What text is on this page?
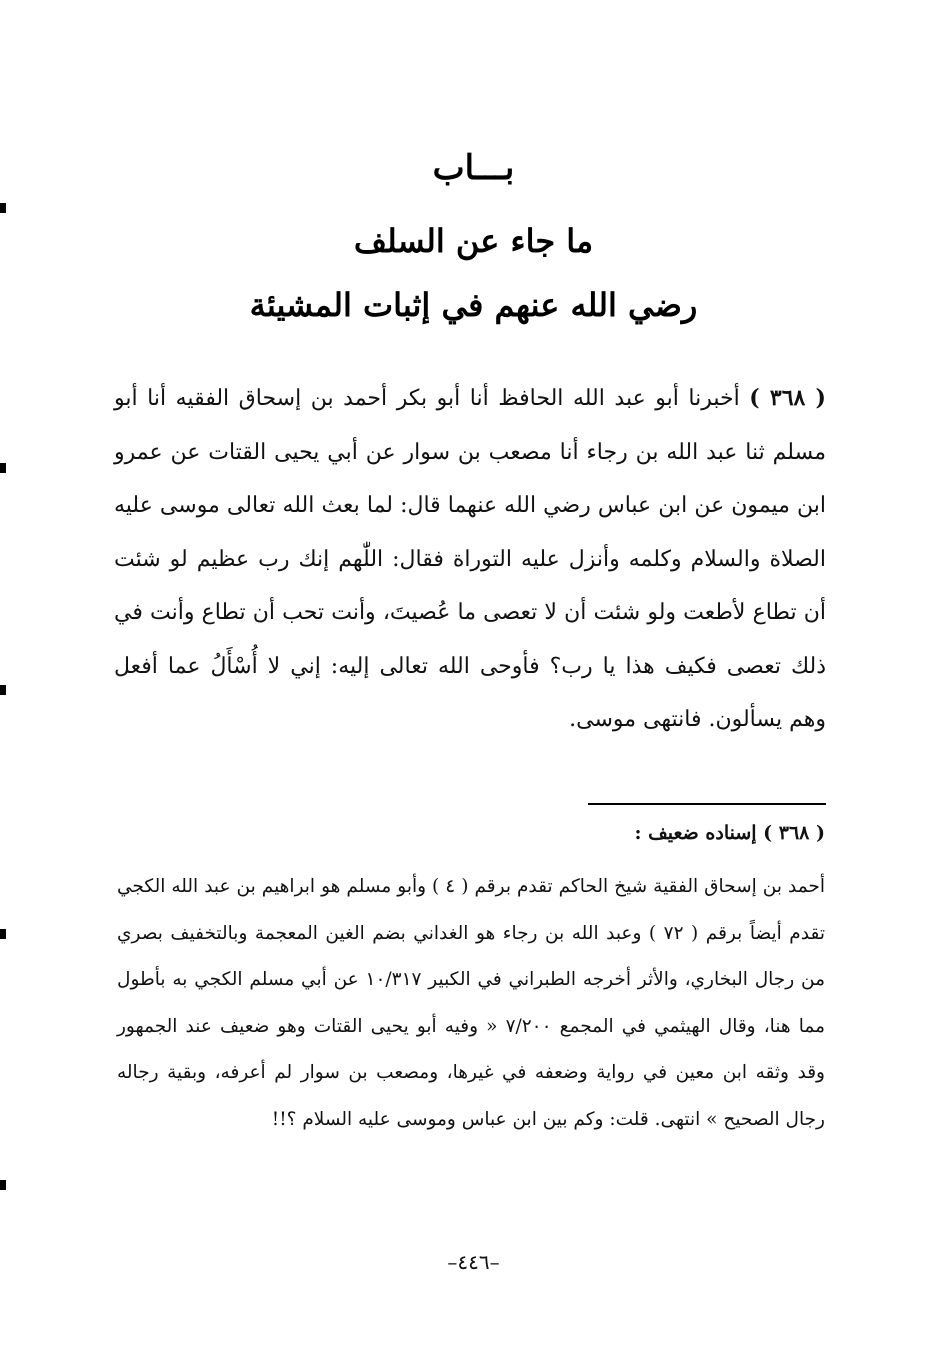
بـــاب
ما جاء عن السلف
رضي الله عنهم في إثبات المشيئة
( ٣٦٨ ) أخبرنا أبو عبد الله الحافظ أنا أبو بكر أحمد بن إسحاق الفقيه أنا أبو مسلم ثنا عبد الله بن رجاء أنا مصعب بن سوار عن أبي يحيى القتات عن عمرو ابن ميمون عن ابن عباس رضي الله عنهما قال: لما بعث الله تعالى موسى عليه الصلاة والسلام وكلمه وأنزل عليه التوراة فقال: اللّٰهم إنك رب عظيم لو شئت أن تطاع لأطعت ولو شئت أن لا تعصى ما عُصيتَ، وأنت تحب أن تطاع وأنت في ذلك تعصى فكيف هذا يا رب؟ فأوحى الله تعالى إليه: إني لا أُسْأَلُ عما أفعل وهم يسألون. فانتهى موسى.
( ٣٦٨ ) إسناده ضعيف :
أحمد بن إسحاق الفقية شيخ الحاكم تقدم برقم ( ٤ ) وأبو مسلم هو ابراهيم بن عبد الله الكجي تقدم أيضاً برقم ( ٧٢ ) وعبد الله بن رجاء هو الغداني بضم الغين المعجمة وبالتخفيف بصري من رجال البخاري، والأثر أخرجه الطبراني في الكبير ١٠/٣١٧ عن أبي مسلم الكجي به بأطول مما هنا، وقال الهيثمي في المجمع ٧/٢٠٠ « وفيه أبو يحيى القتات وهو ضعيف عند الجمهور وقد وثقه ابن معين في رواية وضعفه في غيرها، ومصعب بن سوار لم أعرفه، وبقية رجاله رجال الصحيح » انتهى. قلت: وكم بين ابن عباس وموسى عليه السلام ؟!!
–٤٤٦–
